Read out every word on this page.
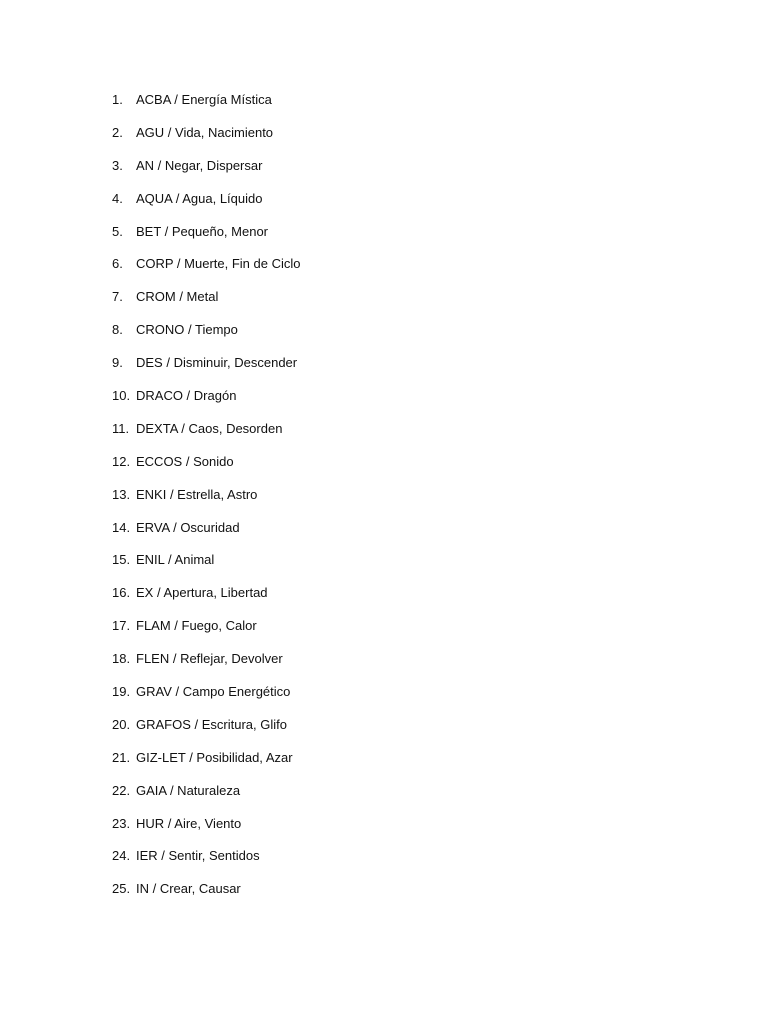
1.	ACBA / Energía Mística
2.	AGU / Vida, Nacimiento
3.	AN / Negar, Dispersar
4.	AQUA / Agua, Líquido
5.	BET / Pequeño, Menor
6.	CORP / Muerte, Fin de Ciclo
7.	CROM / Metal
8.	CRONO / Tiempo
9.	DES / Disminuir, Descender
10. DRACO / Dragón
11. DEXTA / Caos, Desorden
12. ECCOS / Sonido
13. ENKI / Estrella, Astro
14. ERVA / Oscuridad
15. ENIL / Animal
16. EX / Apertura, Libertad
17. FLAM / Fuego, Calor
18. FLEN / Reflejar, Devolver
19. GRAV / Campo Energético
20. GRAFOS / Escritura, Glifo
21. GIZ-LET / Posibilidad, Azar
22. GAIA / Naturaleza
23. HUR / Aire, Viento
24. IER / Sentir, Sentidos
25. IN / Crear, Causar
